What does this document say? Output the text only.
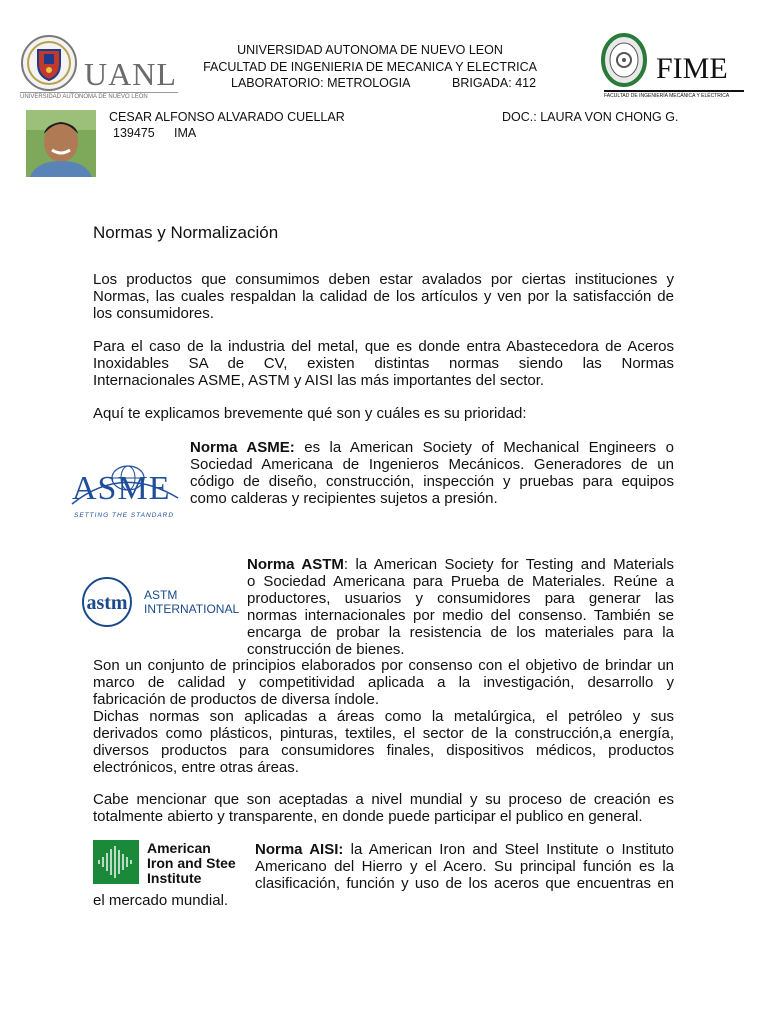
UANL
UNIVERSIDAD AUTÓNOMA DE NUEVO LEÓN
UNIVERSIDAD AUTONOMA DE NUEVO LEON
FACULTAD DE INGENIERIA DE MECANICA Y ELECTRICA
LABORATORIO: METROLOGIA	BRIGADA: 412	FIME
FACULTAD DE INGENIERÍA MECÁNICA Y ELÉCTRICA
CESAR ALFONSO ALVARADO CUELLAR	DOC.: LAURA VON CHONG G.
139475 IMA
Normas y Normalización
Los productos que consumimos deben estar avalados por ciertas instituciones y
Normas, las cuales respaldan la calidad de los artículos y ven por la satisfacción de
los consumidores.
Para el caso de la industria del metal, que es donde entra Abastecedora de Aceros
Inoxidables SA de CV, existen distintas normas siendo las Normas
Internacionales ASME, ASTM y AISI las más importantes del sector.
Aquí te explicamos brevemente qué son y cuáles es su prioridad:
ASME
SETTING THE STANDARD
Norma ASME: es la American Society of Mechanical Engineers o
Sociedad Americana de Ingenieros Mecánicos. Generadores de un
código de diseño, construcción, inspección y pruebas para equipos
como calderas y recipientes sujetos a presión.
astm ASTM
INTERNATIONAL
Norma ASTM: la American Society for Testing and Materials
o Sociedad Americana para Prueba de Materiales. Reúne a
productores, usuarios y consumidores para generar las
normas internacionales por medio del consenso. También se
encarga de probar la resistencia de los materiales para la
construcción de bienes.
Son un conjunto de principios elaborados por consenso con el objetivo de brindar un
marco de calidad y competitividad aplicada a la investigación, desarrollo y
fabricación de productos de diversa índole.
Dichas normas son aplicadas a áreas como la metalúrgica, el petróleo y sus
derivados como plásticos, pinturas, textiles, el sector de la construcción,a energía,
diversos productos para consumidores finales, dispositivos médicos, productos
electrónicos, entre otras áreas.
Cabe mencionar que son aceptadas a nivel mundial y su proceso de creación es
totalmente abierto y transparente, en donde puede participar el publico en general.
American
Iron and Stee
Institute
Norma AISI: la American Iron and Steel Institute o Instituto
Americano del Hierro y el Acero. Su principal función es la
clasificación, función y uso de los aceros que encuentras en
el mercado mundial.
